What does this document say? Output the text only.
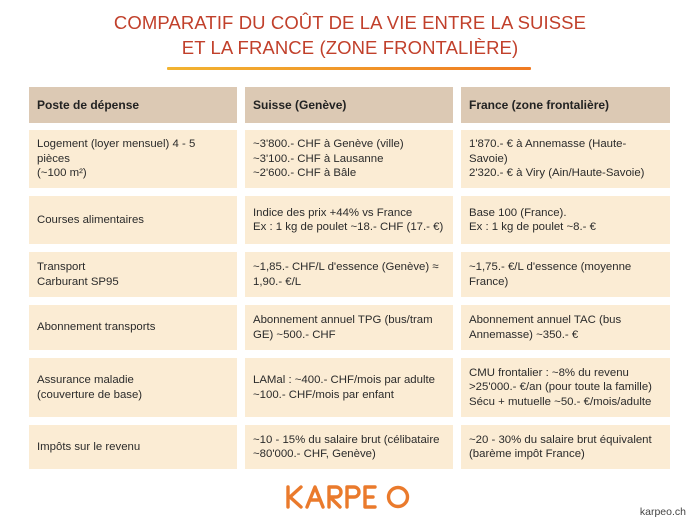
COMPARATIF DU COÛT DE LA VIE ENTRE LA SUISSE
ET LA FRANCE (ZONE FRONTALIÈRE)
Poste de dépense	Suisse (Genève)	France (zone frontalière)
Logement (loyer mensuel) 4 - 5 pièces
(~100 m²)
~3'800.- CHF à Genève (ville)
~3'100.- CHF à Lausanne
~2'600.- CHF à Bâle
1'870.- € à Annemasse (Haute-Savoie)
2'320.- € à Viry (Ain/Haute-Savoie)
Courses alimentaires
Indice des prix +44% vs France
Ex : 1 kg de poulet ~18.- CHF (17.- €)
Base 100 (France).
Ex : 1 kg de poulet ~8.- €
Transport
Carburant SP95
~1,85.- CHF/L d'essence (Genève) ≈
1,90.- €/L
~1,75.- €/L d'essence (moyenne
France)
Abonnement transports
Abonnement annuel TPG (bus/tram
GE) ~500.- CHF
Abonnement annuel TAC (bus
Annemasse) ~350.- €
Assurance maladie
(couverture de base)
LAMal : ~400.- CHF/mois par adulte
~100.- CHF/mois par enfant
CMU frontalier : ~8% du revenu
>25'000.- €/an (pour toute la famille)
Sécu + mutuelle ~50.- €/mois/adulte
Impôts sur le revenu
~10 - 15% du salaire brut (célibataire
~80'000.- CHF, Genève)
~20 - 30% du salaire brut équivalent
(barème impôt France)
karpeo.ch
